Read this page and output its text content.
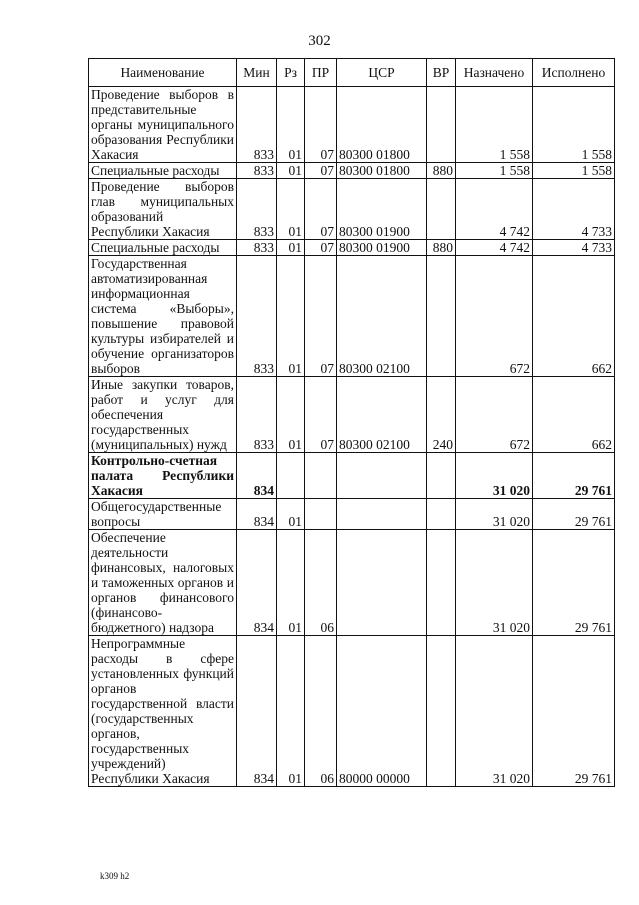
302
Наименование	Мин	Рз	ПР	ЦСР	ВР	Назначено	Исполнено
Проведение выборов в представительные органы муниципального образования Республики Хакасия	833	01	07	80300 01800		1 558	1 558
Специальные расходы	833	01	07	80300 01800	880	1 558	1 558
Проведение выборов глав муниципальных образований Республики Хакасия	833	01	07	80300 01900		4 742	4 733
Специальные расходы	833	01	07	80300 01900	880	4 742	4 733
Государственная автоматизированная информационная система «Выборы», повышение правовой культуры избирателей и обучение организаторов выборов	833	01	07	80300 02100		672	662
Иные закупки товаров, работ и услуг для обеспечения государственных (муниципальных) нужд	833	01	07	80300 02100	240	672	662
Контрольно-счетная палата Республики Хакасия	834					31 020	29 761
Общегосударственные вопросы	834	01				31 020	29 761
Обеспечение деятельности финансовых, налоговых и таможенных органов и органов финансового (финансово-бюджетного) надзора	834	01	06			31 020	29 761
Непрограммные расходы в сфере установленных функций органов государственной власти (государственных органов, государственных учреждений) Республики Хакасия	834	01	06	80000 00000		31 020	29 761
k309 h2
